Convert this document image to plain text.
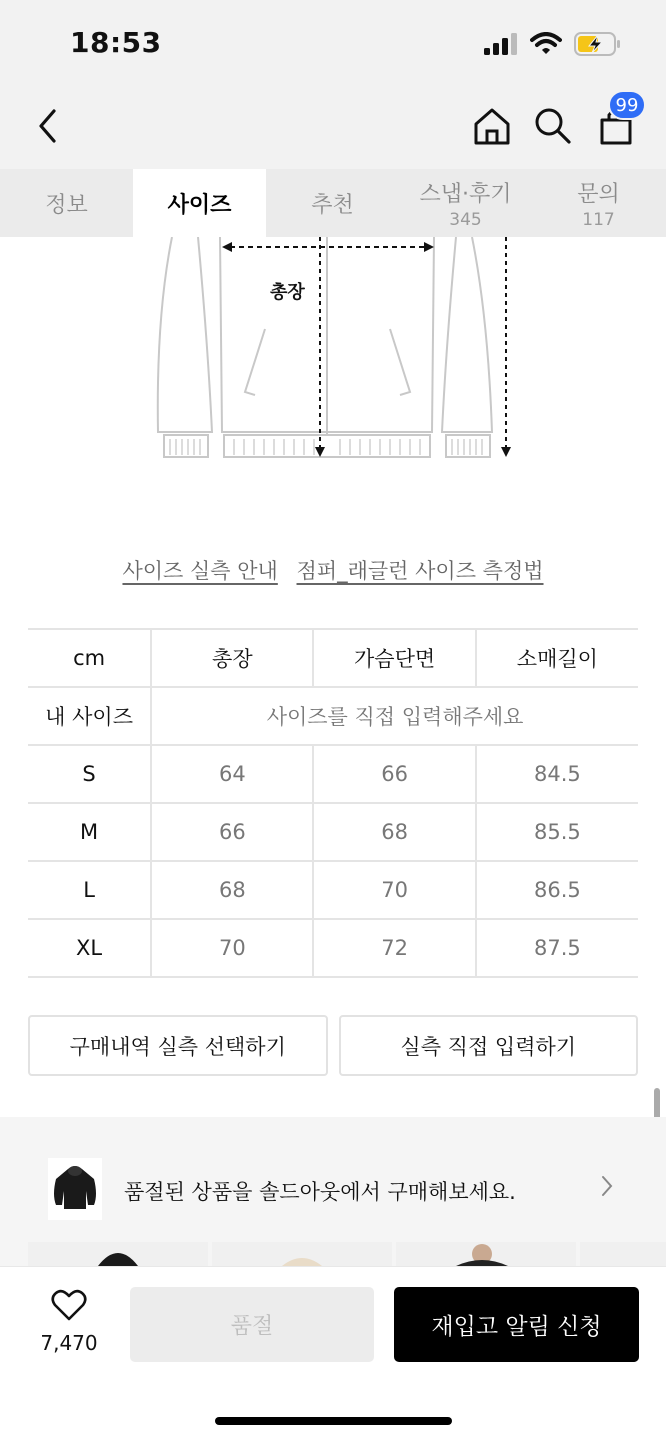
18:53
99
정보	사이즈	추천	스냅·후기
345
문의
117
총장
사이즈 실측 안내 점퍼_래글런 사이즈 측정법
cm	총장	가슴단면	소매길이
내 사이즈	사이즈를 직접 입력해주세요		
S	64	66	84.5
M	66	68	85.5
L	68	70	86.5
XL	70	72	87.5
구매내역 실측 선택하기	실측 직접 입력하기
품절된 상품을 솔드아웃에서 구매해보세요.
7,470
품절	재입고 알림 신청
